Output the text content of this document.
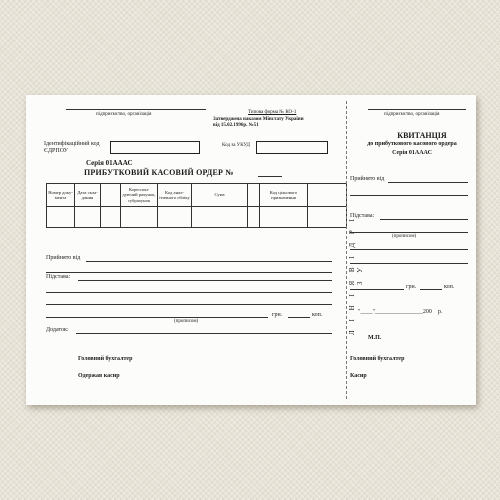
підприємство, організація	Типова форма № КО-1
Затверджена наказом Мінстату України
від 15.02.1996р. №51
Ідентифікаційний код ЄДРПОУ
Код за УКУД
Серія 01АААС
ПРИБУТКОВИЙ КАСОВИЙ ОРДЕР №
Номер доку-мента	Дата скла-дання		Кореспон-дуючий рахунок, субрахунок	Код анал-ітичного обліку	Сума		Код цільового призначення	

Прийнято від
Підстава:
(прописом)
грн.	коп.
Додаток:
Головний бухгалтер
Одержав касир
Л І Н І Я В І Д Р І З У
підприємство, організація
КВИТАНЦІЯ
до прибуткового касового ордера
Серія 01АААС
Прийнято від
Підстава:
(прописом)
грн.	коп.
"____"________________200    р.
М.П.
Головний бухгалтер
Касир
